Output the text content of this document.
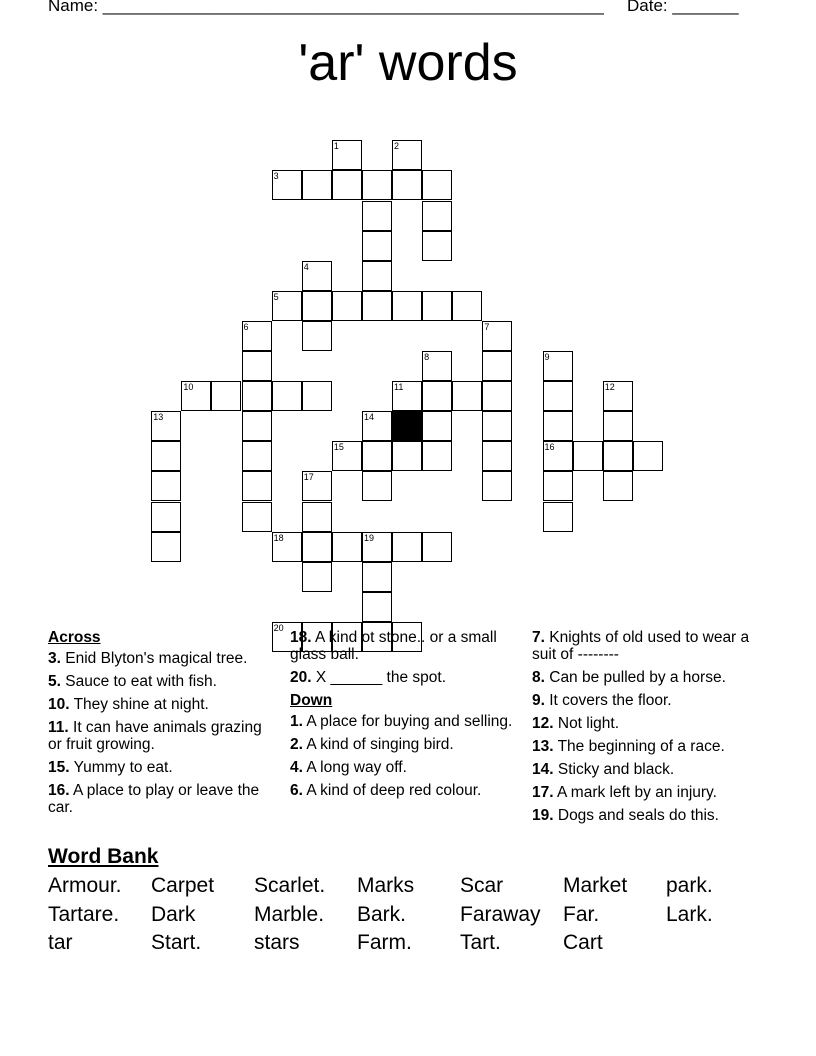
Name: _____________________________________________________ Date: _______
'ar' words
1	2
3
4
5
6	7
8	9
10	11	12
13	14
15	16
17
18	19
20
Across
3. Enid Blyton's magical tree.
5. Sauce to eat with fish.
10. They shine at night.
11. It can have animals grazing or fruit growing.
15. Yummy to eat.
16. A place to play or leave the car.
18. A kind ot stone.. or a small glass ball.
20. X ______ the spot.
Down
1. A place for buying and selling.
2. A kind of singing bird.
4. A long way off.
6. A kind of deep red colour.
7. Knights of old used to wear a suit of --------
8. Can be pulled by a horse.
9. It covers the floor.
12. Not light.
13. The beginning of a race.
14. Sticky and black.
17. A mark left by an injury.
19. Dogs and seals do this.
Word Bank
Armour. Carpet Scarlet. Marks Scar	Market park.
Tartare. Dark	Marble. Bark.	Faraway Far.	Lark.
tar	Start.	stars	Farm. Tart.	Cart
